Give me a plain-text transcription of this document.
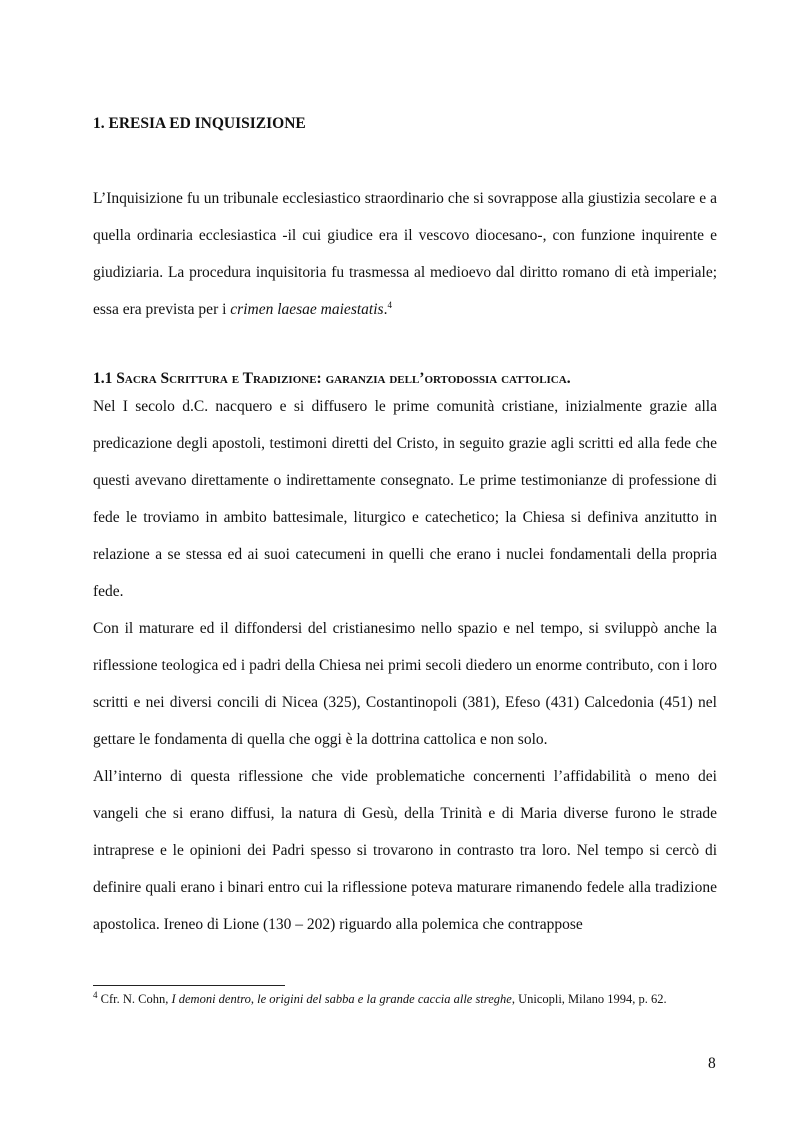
1. ERESIA ED INQUISIZIONE

L’Inquisizione fu un tribunale ecclesiastico straordinario che si sovrappose alla giustizia secolare e a quella ordinaria ecclesiastica -il cui giudice era il vescovo diocesano-, con funzione inquirente e giudiziaria. La procedura inquisitoria fu trasmessa al medioevo dal diritto romano di età imperiale; essa era prevista per i crimen laesae maiestatis.$^4$

1.1 Sacra Scrittura e Tradizione: garanzia dell’ortodossia cattolica.
Nel I secolo d.C. nacquero e si diffusero le prime comunità cristiane, inizialmente grazie alla predicazione degli apostoli, testimoni diretti del Cristo, in seguito grazie agli scritti ed alla fede che questi avevano direttamente o indirettamente consegnato. Le prime testimonianze di professione di fede le troviamo in ambito battesimale, liturgico e catechetico; la Chiesa si definiva anzitutto in relazione a se stessa ed ai suoi catecumeni in quelli che erano i nuclei fondamentali della propria fede.
Con il maturare ed il diffondersi del cristianesimo nello spazio e nel tempo, si sviluppò anche la riflessione teologica ed i padri della Chiesa nei primi secoli diedero un enorme contributo, con i loro scritti e nei diversi concili di Nicea (325), Costantinopoli (381), Efeso (431) Calcedonia (451) nel gettare le fondamenta di quella che oggi è la dottrina cattolica e non solo.
All’interno di questa riflessione che vide problematiche concernenti l’affidabilità o meno dei vangeli che si erano diffusi, la natura di Gesù, della Trinità e di Maria diverse furono le strade intraprese e le opinioni dei Padri spesso si trovarono in contrasto tra loro. Nel tempo si cercò di definire quali erano i binari entro cui la riflessione poteva maturare rimanendo fedele alla tradizione apostolica. Ireneo di Lione (130 – 202) riguardo alla polemica che contrappose
$^4$ Cfr. N. Cohn, I demoni dentro, le origini del sabba e la grande caccia alle streghe, Unicopli, Milano 1994, p. 62.
8
